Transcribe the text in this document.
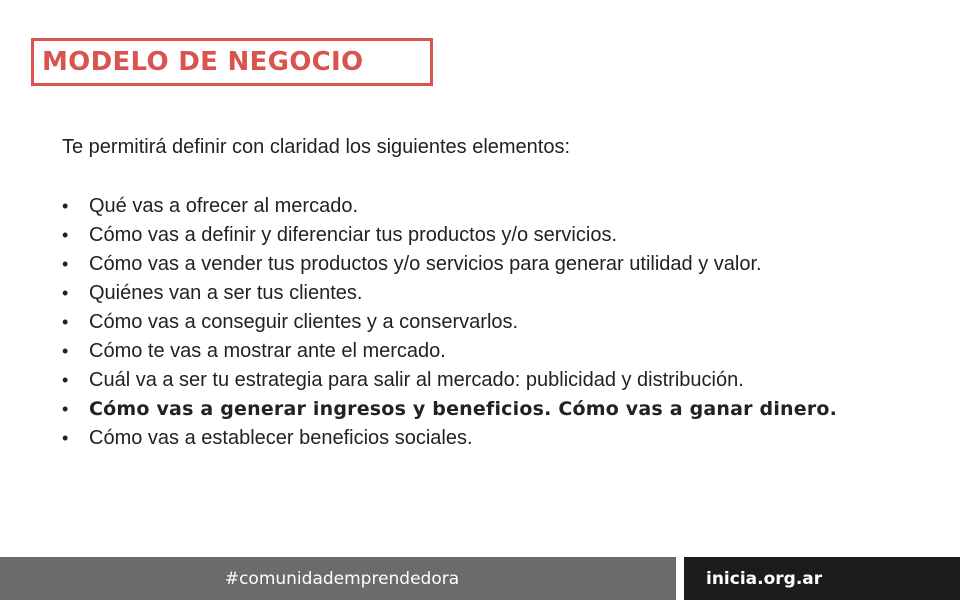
MODELO DE NEGOCIO
Te permitirá definir con claridad los siguientes elementos:
•	Qué vas a ofrecer al mercado.
•	Cómo vas a definir y diferenciar tus productos y/o servicios.
•	Cómo vas a vender tus productos y/o servicios para generar utilidad y valor.
•	Quiénes van a ser tus clientes.
•	Cómo vas a conseguir clientes y a conservarlos.
•	Cómo te vas a mostrar ante el mercado.
•	Cuál va a ser tu estrategia para salir al mercado: publicidad y distribución.
•	Cómo vas a generar ingresos y beneficios. Cómo vas a ganar dinero.
•	Cómo vas a establecer beneficios sociales.
#comunidademprendedora	inicia.org.ar
